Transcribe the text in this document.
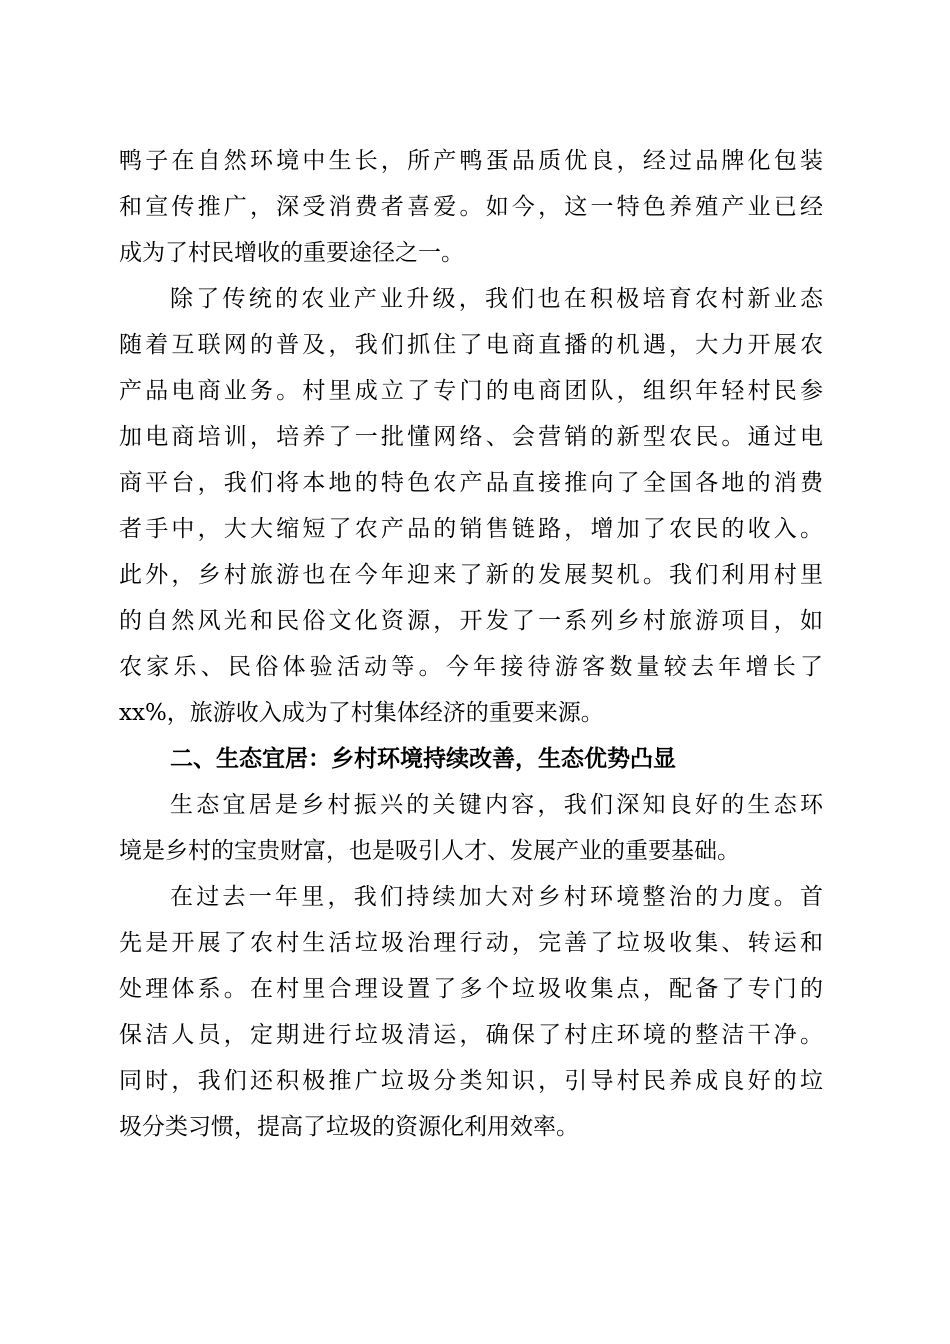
鸭子在自然环境中生长，所产鸭蛋品质优良，经过品牌化包装
和宣传推广，深受消费者喜爱。如今，这一特色养殖产业已经
成为了村民增收的重要途径之一。
除了传统的农业产业升级，我们也在积极培育农村新业态
随着互联网的普及，我们抓住了电商直播的机遇，大力开展农
产品电商业务。村里成立了专门的电商团队，组织年轻村民参
加电商培训，培养了一批懂网络、会营销的新型农民。通过电
商平台，我们将本地的特色农产品直接推向了全国各地的消费
者手中，大大缩短了农产品的销售链路，增加了农民的收入。
此外，乡村旅游也在今年迎来了新的发展契机。我们利用村里
的自然风光和民俗文化资源，开发了一系列乡村旅游项目，如
农家乐、民俗体验活动等。今年接待游客数量较去年增长了
xx%，旅游收入成为了村集体经济的重要来源。
二、生态宜居：乡村环境持续改善，生态优势凸显
生态宜居是乡村振兴的关键内容，我们深知良好的生态环
境是乡村的宝贵财富，也是吸引人才、发展产业的重要基础。
在过去一年里，我们持续加大对乡村环境整治的力度。首
先是开展了农村生活垃圾治理行动，完善了垃圾收集、转运和
处理体系。在村里合理设置了多个垃圾收集点，配备了专门的
保洁人员，定期进行垃圾清运，确保了村庄环境的整洁干净。
同时，我们还积极推广垃圾分类知识，引导村民养成良好的垃
圾分类习惯，提高了垃圾的资源化利用效率。
